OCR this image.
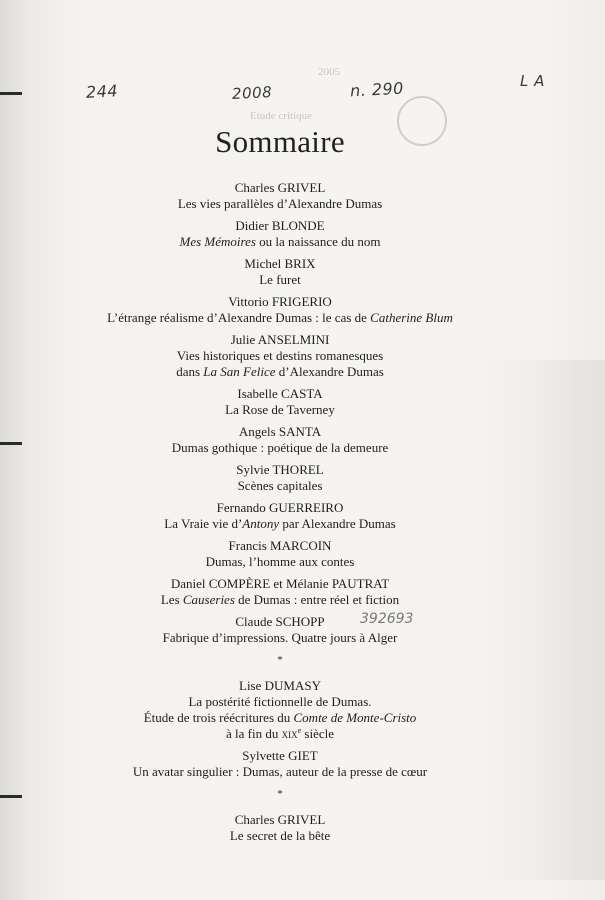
2005
Etude critique
244	2008	n. 290	L A
Sommaire
Charles GRIVEL
Les vies parallèles d’Alexandre Dumas
Didier BLONDE
Mes Mémoires ou la naissance du nom
Michel BRIX
Le furet
Vittorio FRIGERIO
L’étrange réalisme d’Alexandre Dumas : le cas de Catherine Blum
Julie ANSELMINI
Vies historiques et destins romanesques
dans La San Felice d’Alexandre Dumas
Isabelle CASTA
La Rose de Taverney
Angels SANTA
Dumas gothique : poétique de la demeure
Sylvie THOREL
Scènes capitales
Fernando GUERREIRO
La Vraie vie d’Antony par Alexandre Dumas
Francis MARCOIN
Dumas, l’homme aux contes
Daniel COMPÈRE et Mélanie PAUTRAT
Les Causeries de Dumas : entre réel et fiction
Claude SCHOPP
Fabrique d’impressions. Quatre jours à Alger
*
Lise DUMASY
La postérité fictionnelle de Dumas.
Étude de trois réécritures du Comte de Monte-Cristo
à la fin du xix$^e$ siècle
Sylvette GIET
Un avatar singulier : Dumas, auteur de la presse de cœur
*
Charles GRIVEL
Le secret de la bête
392693
